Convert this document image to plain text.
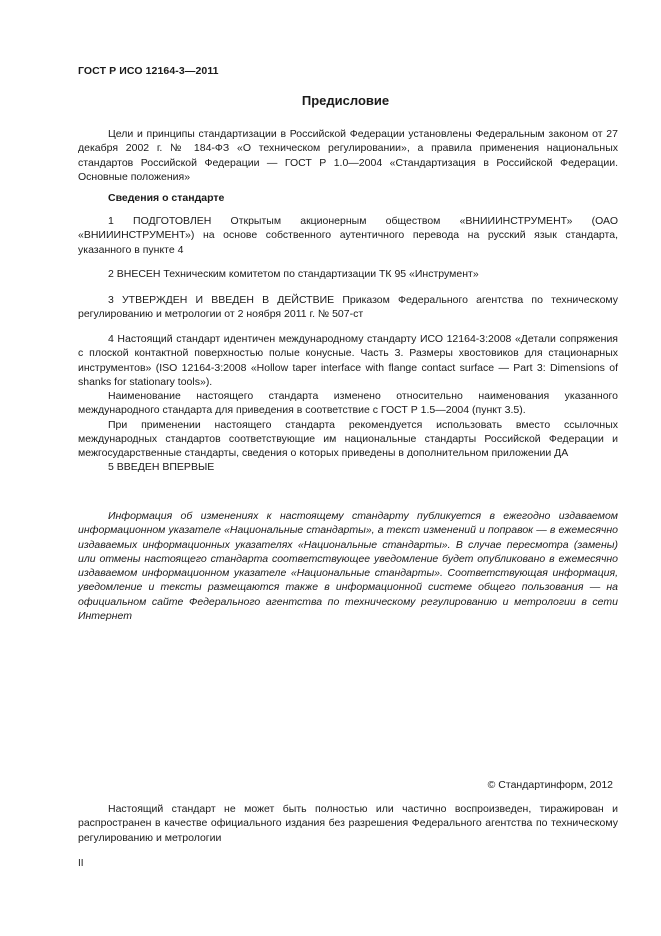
ГОСТ Р ИСО 12164-3—2011
Предисловие

Цели и принципы стандартизации в Российской Федерации установлены Федеральным законом от 27 декабря 2002 г. № 184-ФЗ «О техническом регулировании», а правила применения национальных стандартов Российской Федерации — ГОСТ Р 1.0—2004 «Стандартизация в Российской Федерации. Основные положения»

Сведения о стандарте

1 ПОДГОТОВЛЕН Открытым акционерным обществом «ВНИИИНСТРУМЕНТ» (ОАО «ВНИИИНСТРУМЕНТ») на основе собственного аутентичного перевода на русский язык стандарта, указанного в пункте 4

2 ВНЕСЕН Техническим комитетом по стандартизации ТК 95 «Инструмент»

3 УТВЕРЖДЕН И ВВЕДЕН В ДЕЙСТВИЕ Приказом Федерального агентства по техническому регулированию и метрологии от 2 ноября 2011 г. № 507-ст

4 Настоящий стандарт идентичен международному стандарту ИСО 12164-3:2008 «Детали сопряжения с плоской контактной поверхностью полые конусные. Часть 3. Размеры хвостовиков для стационарных инструментов» (ISO 12164-3:2008 «Hollow taper interface with flange contact surface — Part 3: Dimensions of shanks for stationary tools»).

Наименование настоящего стандарта изменено относительно наименования указанного международного стандарта для приведения в соответствие с ГОСТ Р 1.5—2004 (пункт 3.5).

При применении настоящего стандарта рекомендуется использовать вместо ссылочных международных стандартов соответствующие им национальные стандарты Российской Федерации и межгосударственные стандарты, сведения о которых приведены в дополнительном приложении ДА

5 ВВЕДЕН ВПЕРВЫЕ

Информация об изменениях к настоящему стандарту публикуется в ежегодно издаваемом информационном указателе «Национальные стандарты», а текст изменений и поправок — в ежемесячно издаваемых информационных указателях «Национальные стандарты». В случае пересмотра (замены) или отмены настоящего стандарта соответствующее уведомление будет опубликовано в ежемесячно издаваемом информационном указателе «Национальные стандарты». Соответствующая информация, уведомление и тексты размещаются также в информационной системе общего пользования — на официальном сайте Федерального агентства по техническому регулированию и метрологии в сети Интернет

© Стандартинформ, 2012

Настоящий стандарт не может быть полностью или частично воспроизведен, тиражирован и распространен в качестве официального издания без разрешения Федерального агентства по техническому регулированию и метрологии

II
